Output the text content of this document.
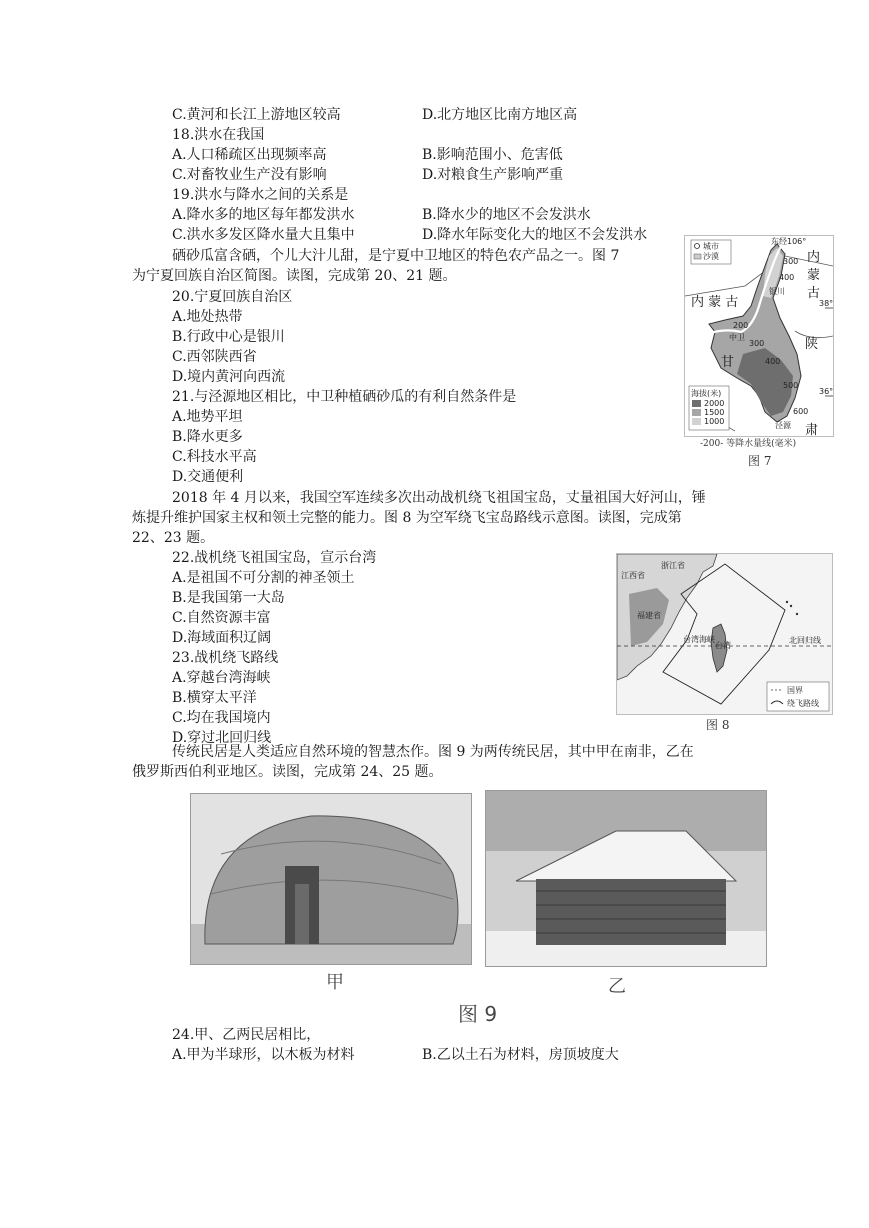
C.黄河和长江上游地区较高	D.北方地区比南方地区高
18.洪水在我国
A.人口稀疏区出现频率高	B.影响范围小、危害低
C.对畜牧业生产没有影响	D.对粮食生产影响严重
19.洪水与降水之间的关系是
A.降水多的地区每年都发洪水	B.降水少的地区不会发洪水
C.洪水多发区降水量大且集中	D.降水年际变化大的地区不会发洪水
硒砂瓜富含硒，个儿大汁儿甜，是宁夏中卫地区的特色农产品之一。图 7
为宁夏回族自治区简图。读图，完成第 20、21 题。
20.宁夏回族自治区
A.地处热带
B.行政中心是银川
C.西邻陕西省
D.境内黄河向西流
21.与泾源地区相比，中卫种植硒砂瓜的有利自然条件是
A.地势平坦
B.降水更多
C.科技水平高
D.交通便利
城市
沙漠
东经106°
内
蒙
古
内 蒙 古
陕
甘
肃
银川
中卫
泾源
38°
36°
300
400
200
300
400
500
600
海拔(米)
2000
1500
1000
-200- 等降水量线(毫米)
图 7
2018 年 4 月以来，我国空军连续多次出动战机绕飞祖国宝岛，丈量祖国大好河山，锤
炼提升维护国家主权和领土完整的能力。图 8 为空军绕飞宝岛路线示意图。读图，完成第
22、23 题。
22.战机绕飞祖国宝岛，宣示台湾
A.是祖国不可分割的神圣领土
B.是我国第一大岛
C.自然资源丰富
D.海域面积辽阔
23.战机绕飞路线
A.穿越台湾海峡
B.横穿太平洋
C.均在我国境内
D.穿过北回归线
浙江省
江西省
福建省
台湾
台湾海峡	北回归线
国界
绕飞路线
图 8
传统民居是人类适应自然环境的智慧杰作。图 9 为两传统民居，其中甲在南非，乙在
俄罗斯西伯利亚地区。读图，完成第 24、25 题。
甲	乙
图 9
24.甲、乙两民居相比，
A.甲为半球形，以木板为材料	B.乙以土石为材料，房顶坡度大
